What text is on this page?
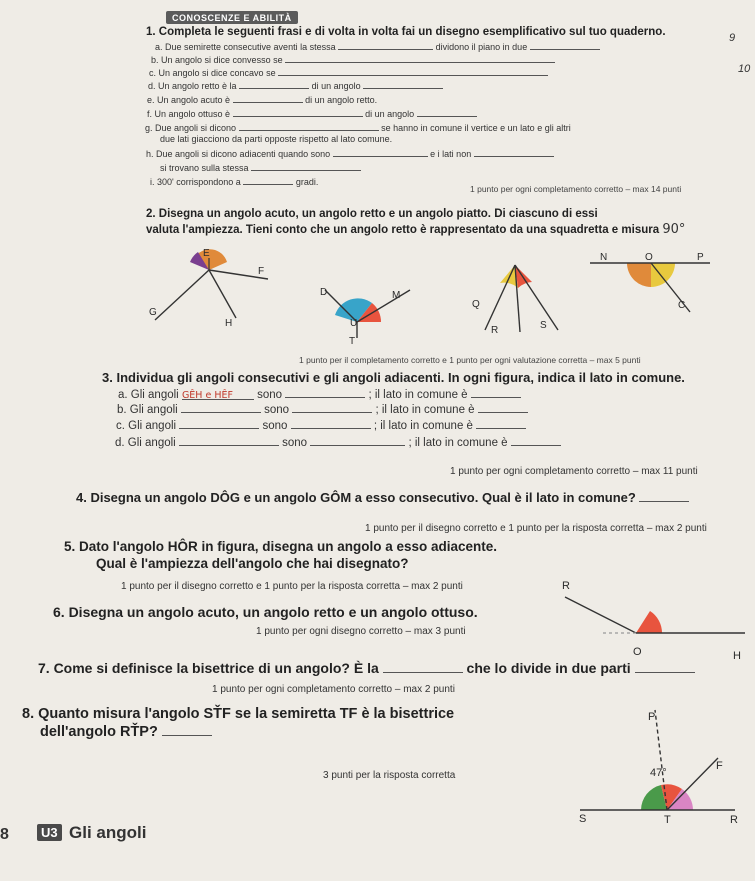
CONOSCENZE E ABILITÀ
9
10
1. Completa le seguenti frasi e di volta in volta fai un disegno esemplificativo sul tuo quaderno.
a. Due semirette consecutive aventi la stessa	dividono il piano in due
b. Un angolo si dice convesso se
c. Un angolo si dice concavo se
d. Un angolo retto è la	di un angolo
e. Un angolo acuto è	di un angolo retto.
f. Un angolo ottuso è	di un angolo
g. Due angoli si dicono	se hanno in comune il vertice e un lato e gli altri
due lati giacciono da parti opposte rispetto al lato comune.
h. Due angoli si dicono adiacenti quando sono	e i lati non
si trovano sulla stessa
i. 300' corrispondono a	gradi.
1 punto per ogni completamento corretto – max 14 punti
2. Disegna un angolo acuto, un angolo retto e un angolo piatto. Di ciascuno di essi
valuta l'ampiezza. Tieni conto che un angolo retto è rappresentato da una squadretta e misura 90°
E
F
G
H
D	M
U
T
Q
R	S
N	O	P
C
1 punto per il completamento corretto e 1 punto per ogni valutazione corretta – max 5 punti
3. Individua gli angoli consecutivi e gli angoli adiacenti. In ogni figura, indica il lato in comune.
a. Gli angoli GÊH e HÊF sono	; il lato in comune è
b. Gli angoli	sono	; il lato in comune è
c. Gli angoli	sono	; il lato in comune è
d. Gli angoli	sono	; il lato in comune è
1 punto per ogni completamento corretto – max 11 punti
4. Disegna un angolo DÔG e un angolo GÔM a esso consecutivo. Qual è il lato in comune?
1 punto per il disegno corretto e 1 punto per la risposta corretta – max 2 punti
5. Dato l'angolo HÔR in figura, disegna un angolo a esso adiacente.
Qual è l'ampiezza dell'angolo che hai disegnato?
1 punto per il disegno corretto e 1 punto per la risposta corretta – max 2 punti	R
O	H
6. Disegna un angolo acuto, un angolo retto e un angolo ottuso.
1 punto per ogni disegno corretto – max 3 punti
7. Come si definisce la bisettrice di un angolo? È la	che lo divide in due parti
1 punto per ogni completamento corretto – max 2 punti
8. Quanto misura l'angolo SŤF se la semiretta TF è la bisettrice
dell'angolo RŤP?
3 punti per la risposta corretta
P
F
47°
S	T	R
8	U3 Gli angoli
